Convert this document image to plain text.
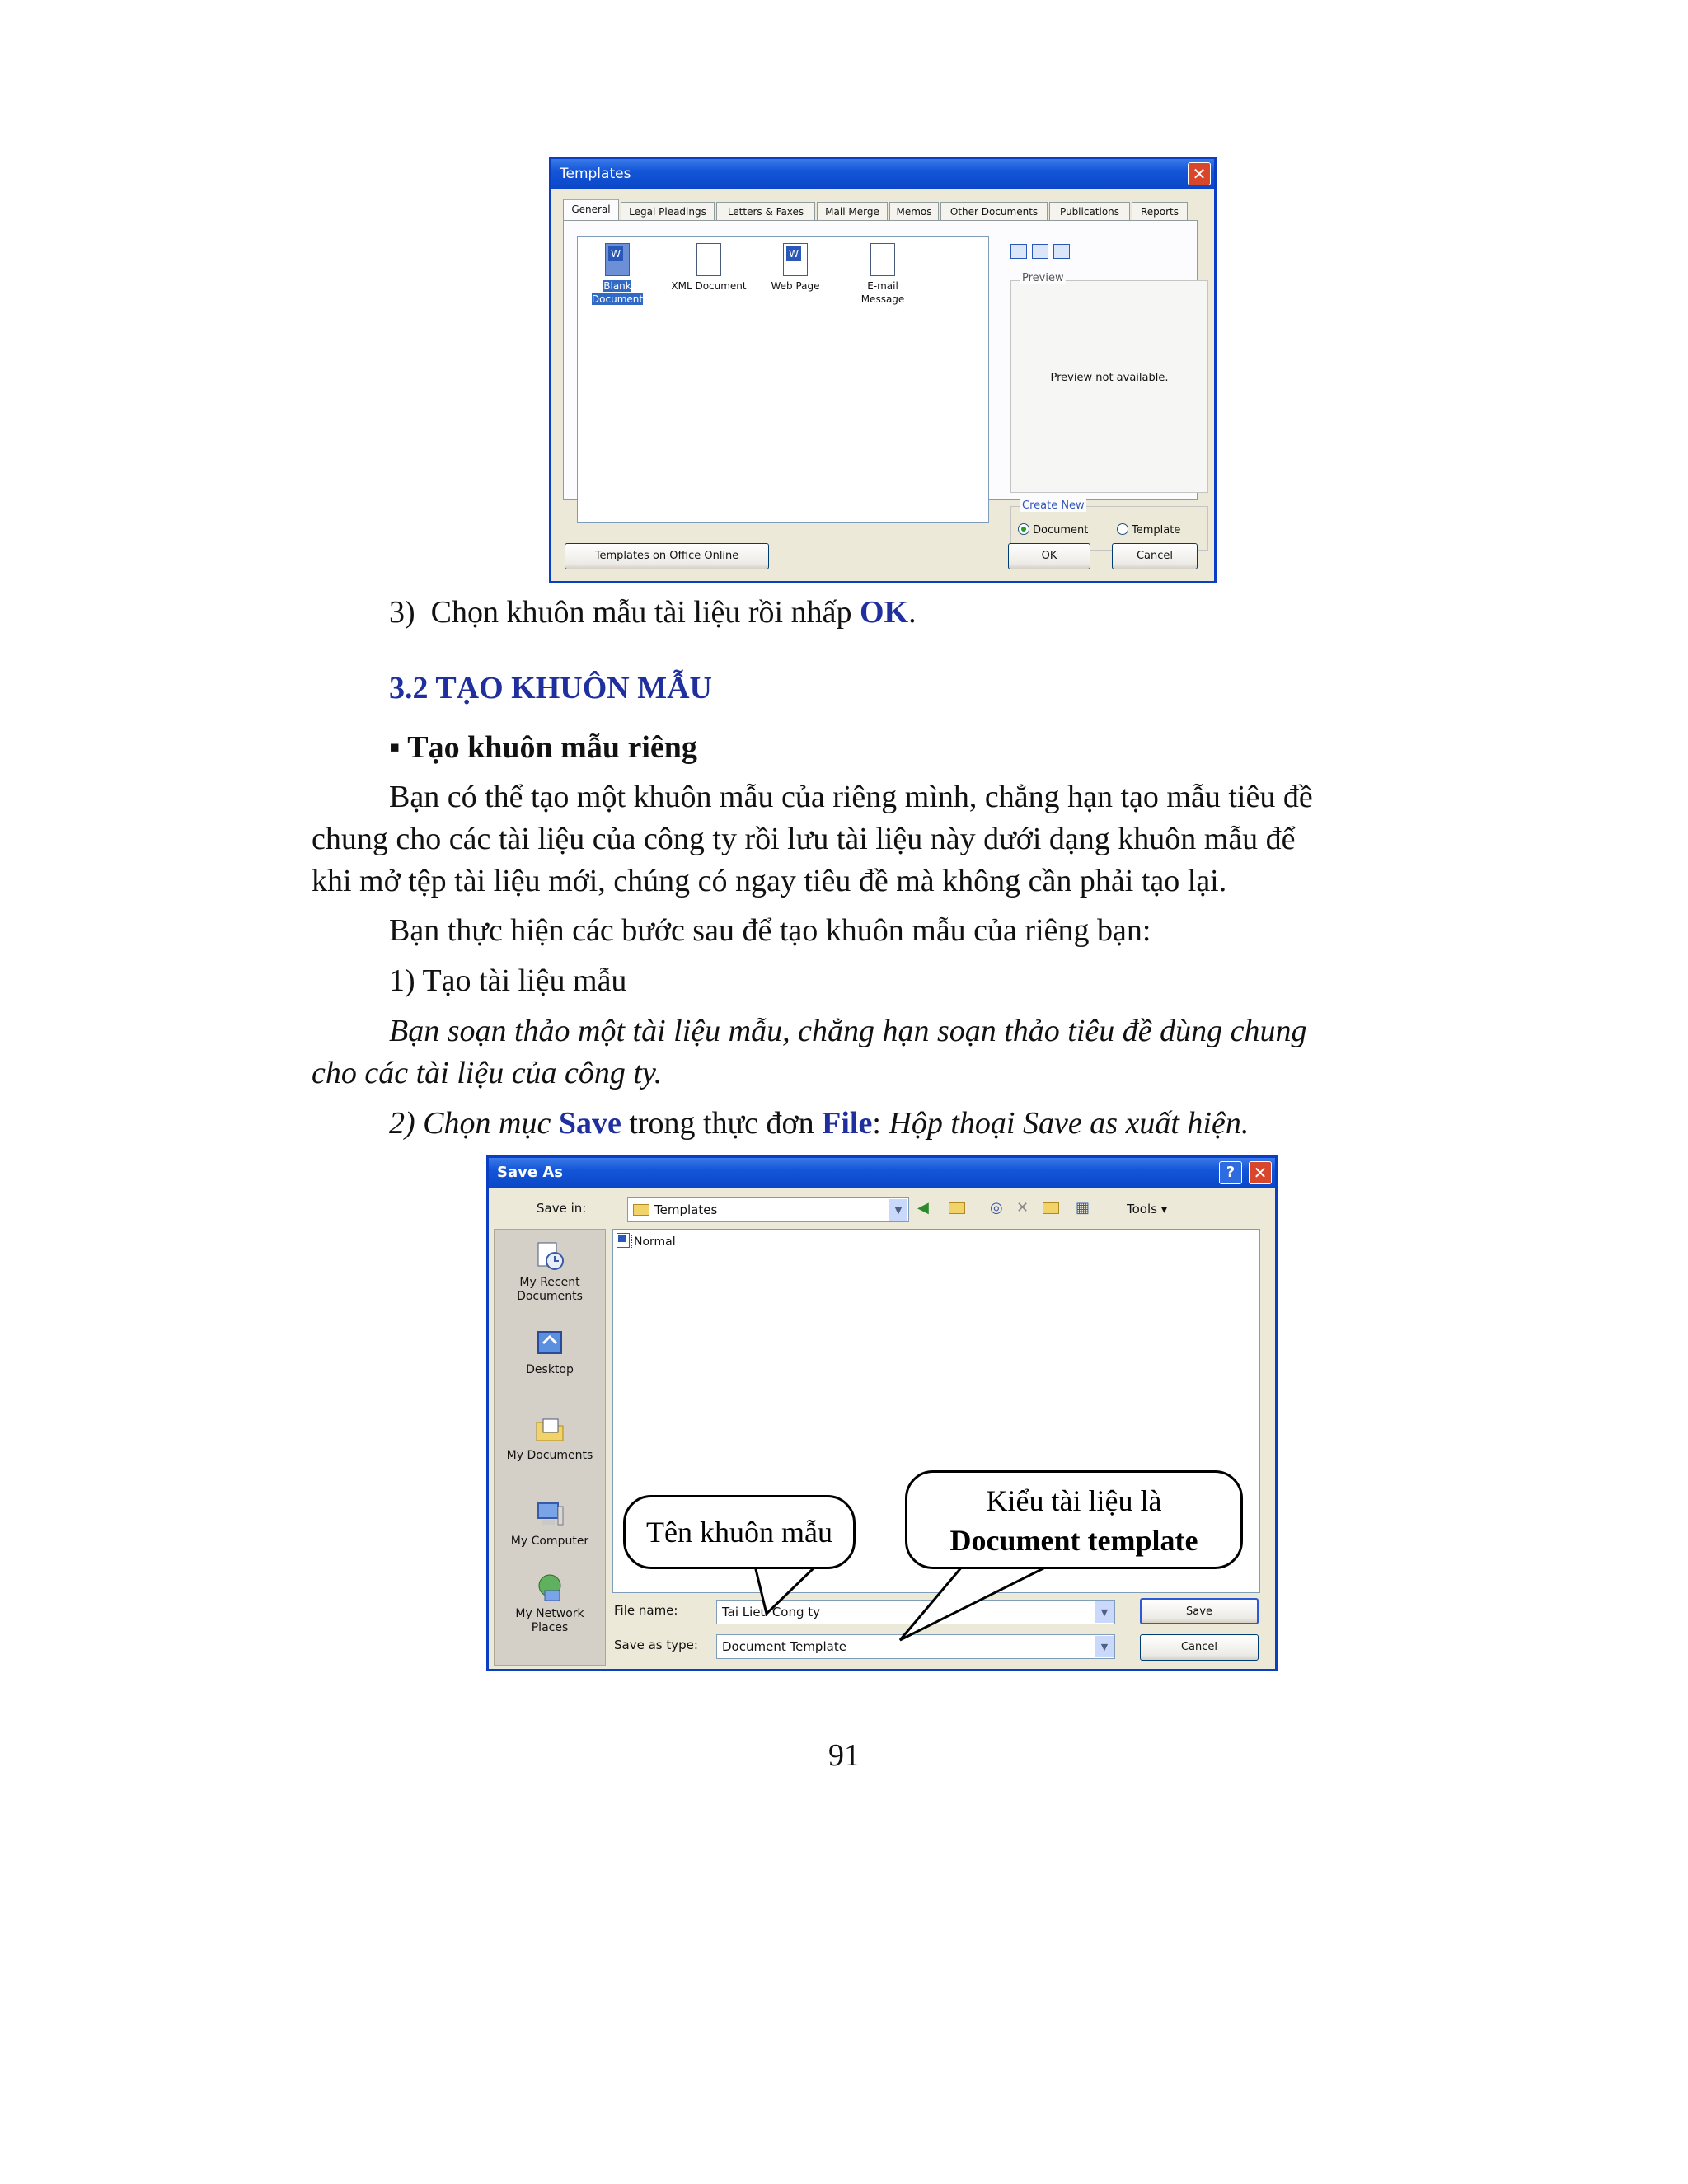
Templates	✕
General	Legal Pleadings	Letters & Faxes	Mail Merge	Memos	Other Documents	Publications	Reports
W
Blank
Document
XML Document
W	Web Page	E-mail
Message
Preview not available.
Preview
Document	Template
Create New
Templates on Office Online	OK	Cancel
3)  Chọn khuôn mẫu tài liệu rồi nhấp OK.
3.2 TẠO KHUÔN MẪU
▪ Tạo khuôn mẫu riêng
Bạn có thể tạo một khuôn mẫu của riêng mình, chẳng hạn tạo mẫu tiêu đề
chung cho các tài liệu của công ty rồi lưu tài liệu này dưới dạng khuôn mẫu để
khi mở tệp tài liệu mới, chúng có ngay tiêu đề mà không cần phải tạo lại.
Bạn thực hiện các bước sau để tạo khuôn mẫu của riêng bạn:
1) Tạo tài liệu mẫu
Bạn soạn thảo một tài liệu mẫu, chẳng hạn soạn thảo tiêu đề dùng chung
cho các tài liệu của công ty.
2) Chọn mục Save trong thực đơn File: Hộp thoại Save as xuất hiện.
Save As	?	✕
Save in:	Templates	▼	◀	◎ ✕	▦	Tools ▾
My Recent
Documents
Desktop
My Documents
My Computer
My Network
Places
Normal
File name:	Tai Lieu Cong ty	▼
Save as type:	Document Template	▼
Save
Cancel
Tên khuôn mẫu
Kiểu tài liệu là
Document template
91
